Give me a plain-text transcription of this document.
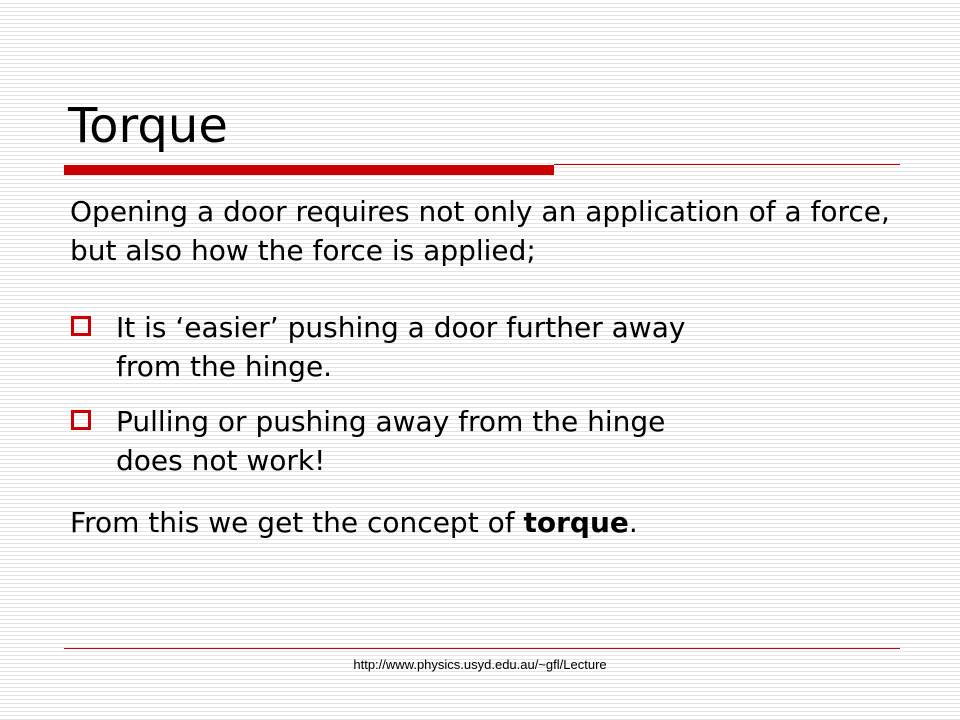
Torque

Opening a door requires not only an application of a force, but also how the force is applied;

It is ‘easier’ pushing a door further away
from the hinge.
Pulling or pushing away from the hinge
does not work!

From this we get the concept of torque.

http://www.physics.usyd.edu.au/~gfl/Lecture
